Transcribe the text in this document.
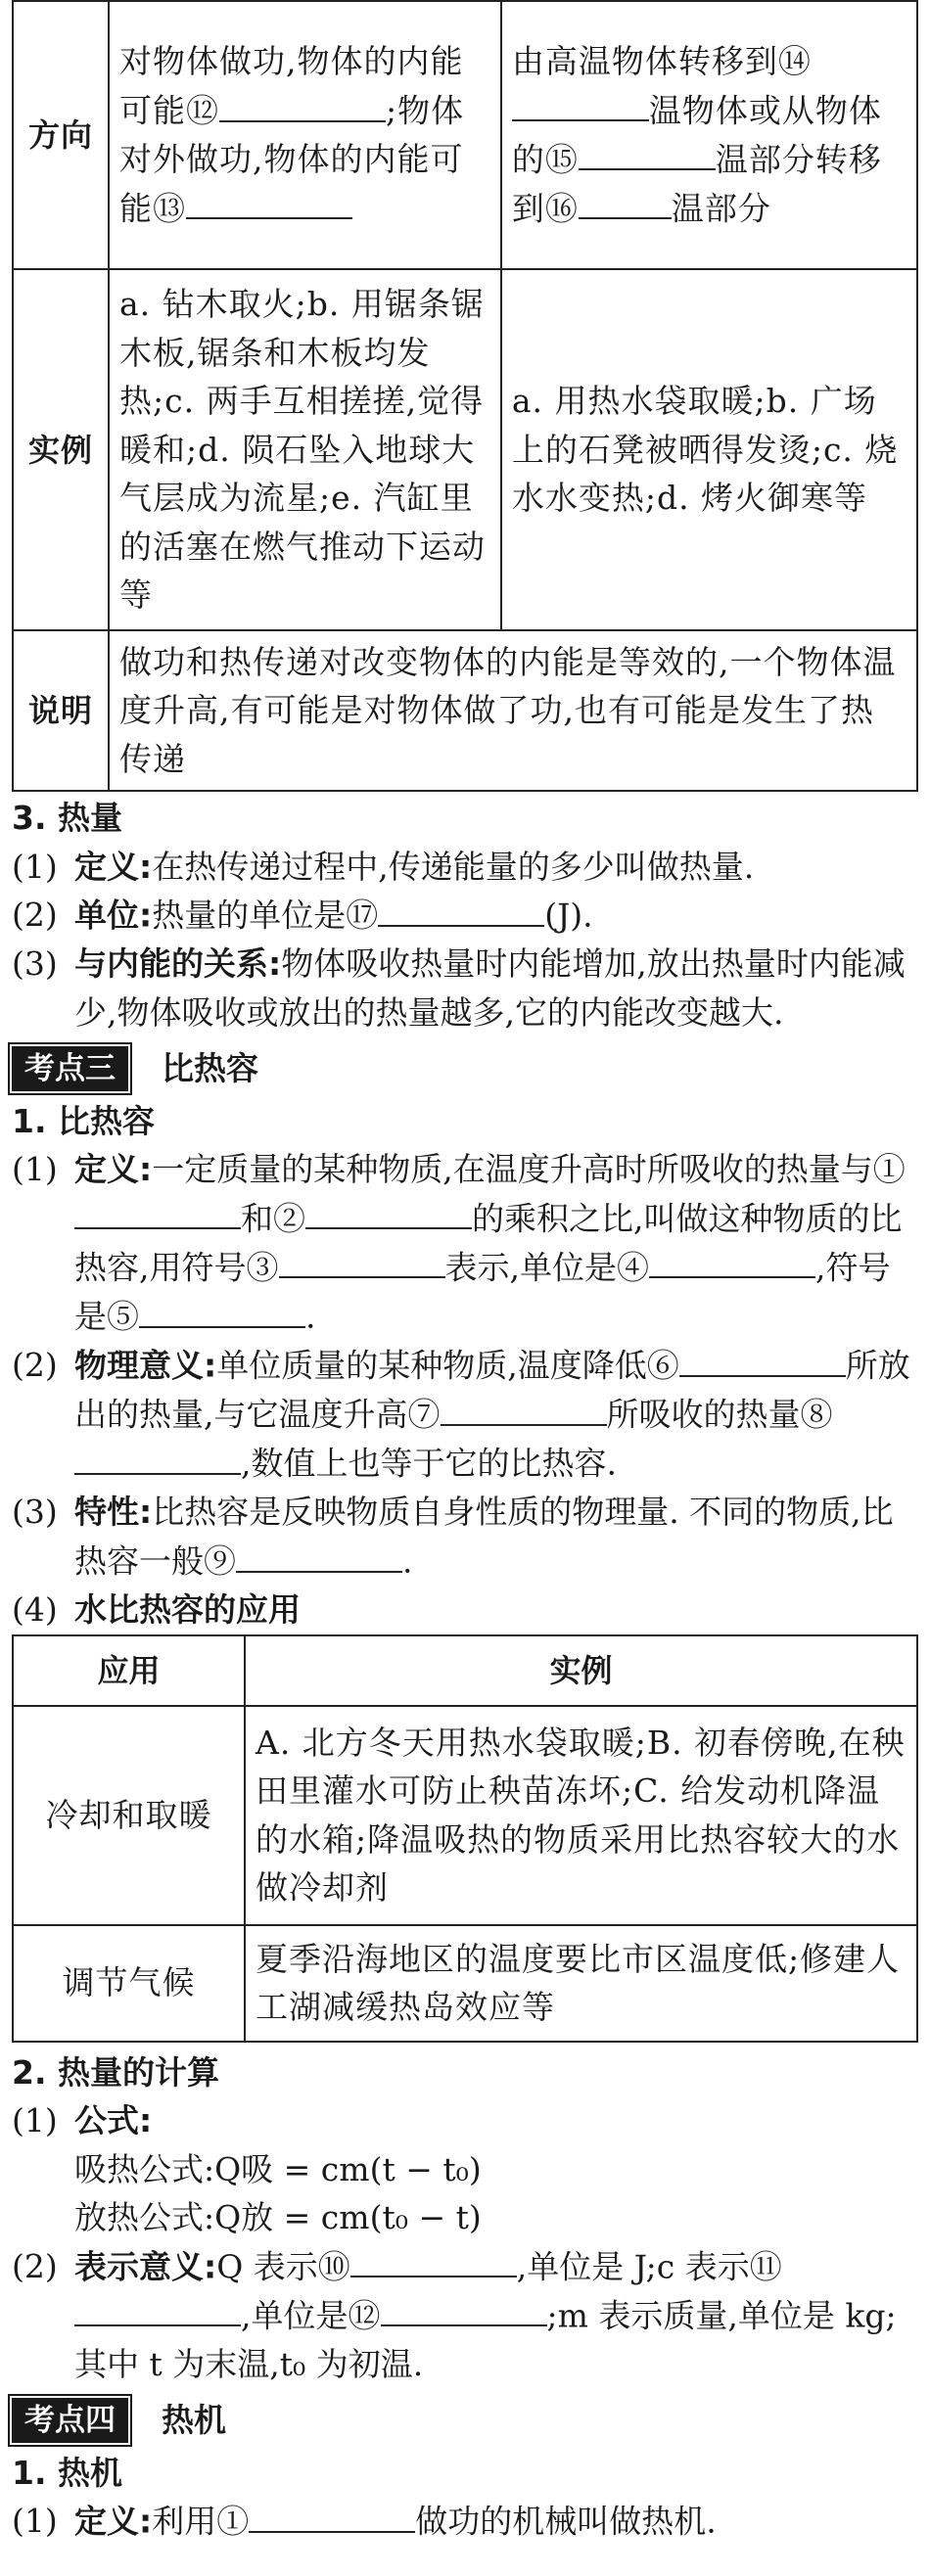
方向	对物体做功,物体的内能可能⑫ ;物体对外做功,物体的内能可能⑬	由高温物体转移到⑭温物体或从物体的⑮ 温部分转移到⑯ 温部分
实例	a. 钻木取火;b. 用锯条锯木板,锯条和木板均发热;c. 两手互相搓搓,觉得暖和;d. 陨石坠入地球大气层成为流星;e. 汽缸里的活塞在燃气推动下运动等	a. 用热水袋取暖;b. 广场上的石凳被晒得发烫;c. 烧水水变热;d. 烤火御寒等
说明	做功和热传递对改变物体的内能是等效的,一个物体温度升高,有可能是对物体做了功,也有可能是发生了热传递	
3. 热量
(1) 定义:在热传递过程中,传递能量的多少叫做热量.
(2) 单位:热量的单位是⑰	(J).
(3) 与内能的关系:物体吸收热量时内能增加,放出热量时内能减少,物体吸收或放出的热量越多,它的内能改变越大.
考点三	比热容
1. 比热容
(1) 定义:一定质量的某种物质,在温度升高时所吸收的热量与①和②	的乘积之比,叫做这种物质的比热容,用符号③	表示,单位是④	,符号是⑤	.
(2) 物理意义:单位质量的某种物质,温度降低⑥	所放出的热量,与它温度升高⑦	所吸收的热量⑧,数值上也等于它的比热容.
(3) 特性:比热容是反映物质自身性质的物理量. 不同的物质,比热容一般⑨	.
(4) 水比热容的应用
应用	实例
冷却和取暖	A. 北方冬天用热水袋取暖;B. 初春傍晚,在秧田里灌水可防止秧苗冻坏;C. 给发动机降温的水箱;降温吸热的物质采用比热容较大的水做冷却剂
调节气候	夏季沿海地区的温度要比市区温度低;修建人工湖减缓热岛效应等
2. 热量的计算
(1) 公式:
吸热公式:Q吸 = cm(t − t₀)
放热公式:Q放 = cm(t₀ − t)
(2) 表示意义:Q 表示⑩	,单位是 J;c 表示⑪,单位是⑫	;m 表示质量,单位是 kg;其中 t 为末温,t₀ 为初温.
考点四	热机
1. 热机
(1) 定义:利用①	做功的机械叫做热机.
